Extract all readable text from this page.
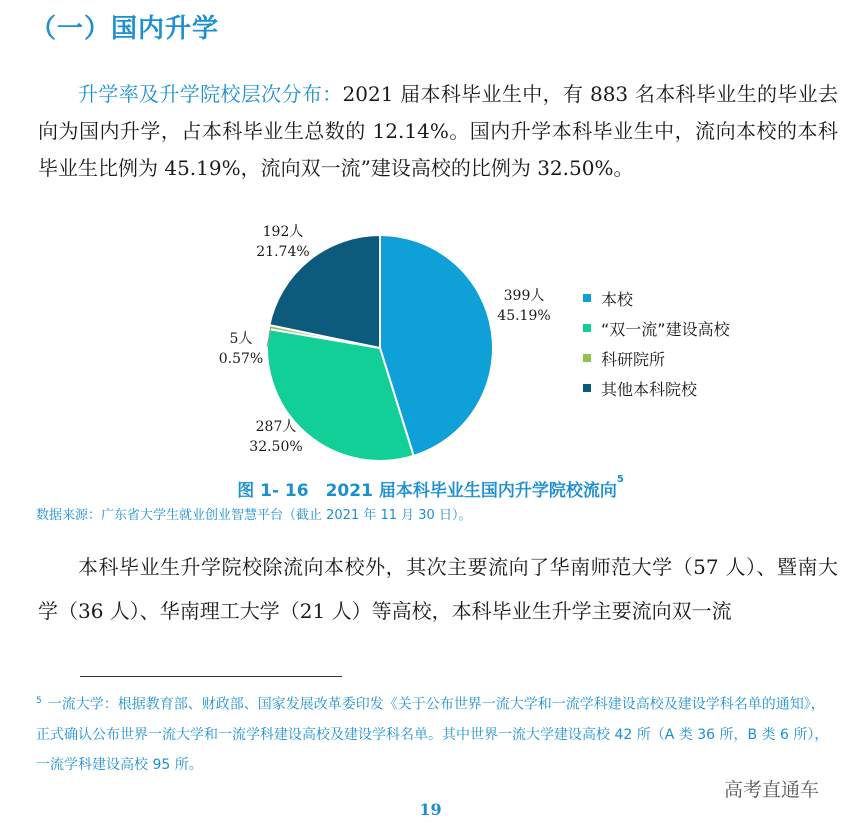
（一）国内升学
升学率及升学院校层次分布：2021 届本科毕业生中，有 883 名本科毕业生的毕业去向为国内升学，占本科毕业生总数的 12.14%。国内升学本科毕业生中，流向本校的本科毕业生比例为 45.19%，流向双一流”建设高校的比例为 32.50%。
399人
45.19%
287人
32.50%
5人
0.57%
192人
21.74%
本校
“双一流”建设高校
科研院所
其他本科院校
图 1- 16　2021 届本科毕业生国内升学院校流向$^5$
数据来源：广东省大学生就业创业智慧平台（截止 2021 年 11 月 30 日）。
本科毕业生升学院校除流向本校外，其次主要流向了华南师范大学（57 人）、暨南大学（36 人）、华南理工大学（21 人）等高校，本科毕业生升学主要流向双一流
$^5$ 一流大学：根据教育部、财政部、国家发展改革委印发《关于公布世界一流大学和一流学科建设高校及建设学科名单的通知》，正式确认公布世界一流大学和一流学科建设高校及建设学科名单。其中世界一流大学建设高校 42 所（A 类 36 所，B 类 6 所），一流学科建设高校 95 所。
高考直通车
19
